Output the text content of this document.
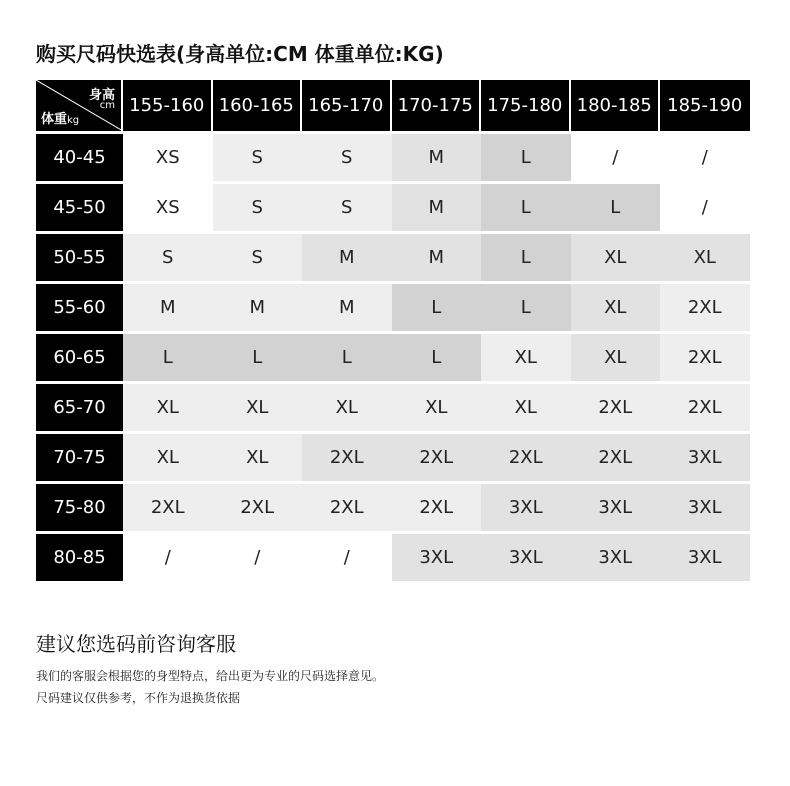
购买尺码快选表(身高单位:CM 体重单位:KG)
身高
cm
体重kg
155-160 160-165 165-170 170-175 175-180 180-185 185-190
40-45	XS	S	S	M	L	/	/
45-50	XS	S	S	M	L	L	/
50-55	S	S	M	M	L	XL	XL
55-60	M	M	M	L	L	XL	2XL
60-65	L	L	L	L	XL	XL	2XL
65-70	XL	XL	XL	XL	XL	2XL	2XL
70-75	XL	XL	2XL	2XL	2XL	2XL	3XL
75-80	2XL	2XL	2XL	2XL	3XL	3XL	3XL
80-85	/	/	/	3XL	3XL	3XL	3XL
建议您选码前咨询客服
我们的客服会根据您的身型特点，给出更为专业的尺码选择意见。
尺码建议仅供参考，不作为退换货依据
